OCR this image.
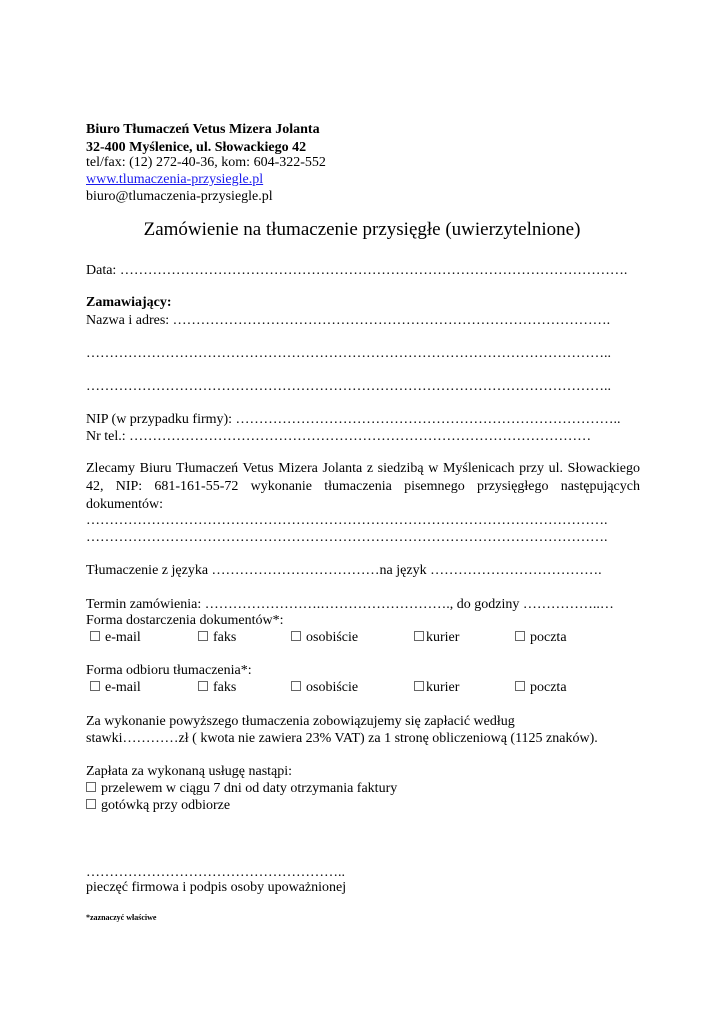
Biuro Tłumaczeń Vetus Mizera Jolanta
32-400 Myślenice, ul. Słowackiego 42
tel/fax: (12) 272-40-36, kom: 604-322-552
www.tlumaczenia-przysiegle.pl
biuro@tlumaczenia-przysiegle.pl
Zamówienie na tłumaczenie przysięgłe (uwierzytelnione)
Data: ……………………………………………………………………………………………….
Zamawiający:
Nazwa i adres: ………………………………………………………………………………….
…………………………………………………………………………………………………..
…………………………………………………………………………………………………..
NIP (w przypadku firmy): ………………………………………………………………………..
Nr tel.: ………………………………………………………………………………………
Zlecamy Biuru Tłumaczeń Vetus Mizera Jolanta z siedzibą w Myślenicach przy ul. Słowackiego 42, NIP: 681-161-55-72 wykonanie tłumaczenia pisemnego przysięgłego następujących dokumentów:
………………………………………………………………………………………………….
………………………………………………………………………………………………….
Tłumaczenie z języka ………………………………na język ……………………………….
Termin zamówienia: …………………….………………………., do godziny ……………..…
Forma dostarczenia dokumentów*:
e-mail	faks	osobiście	kurier	poczta
Forma odbioru tłumaczenia*:
e-mail	faks	osobiście	kurier	poczta
Za wykonanie powyższego tłumaczenia zobowiązujemy się zapłacić według
stawki…………zł ( kwota nie zawiera 23% VAT) za 1 stronę obliczeniową (1125 znaków).
Zapłata za wykonaną usługę nastąpi:
przelewem w ciągu 7 dni od daty otrzymania faktury
gotówką przy odbiorze
………………………………………………..
pieczęć firmowa i podpis osoby upoważnionej
*zaznaczyć właściwe
